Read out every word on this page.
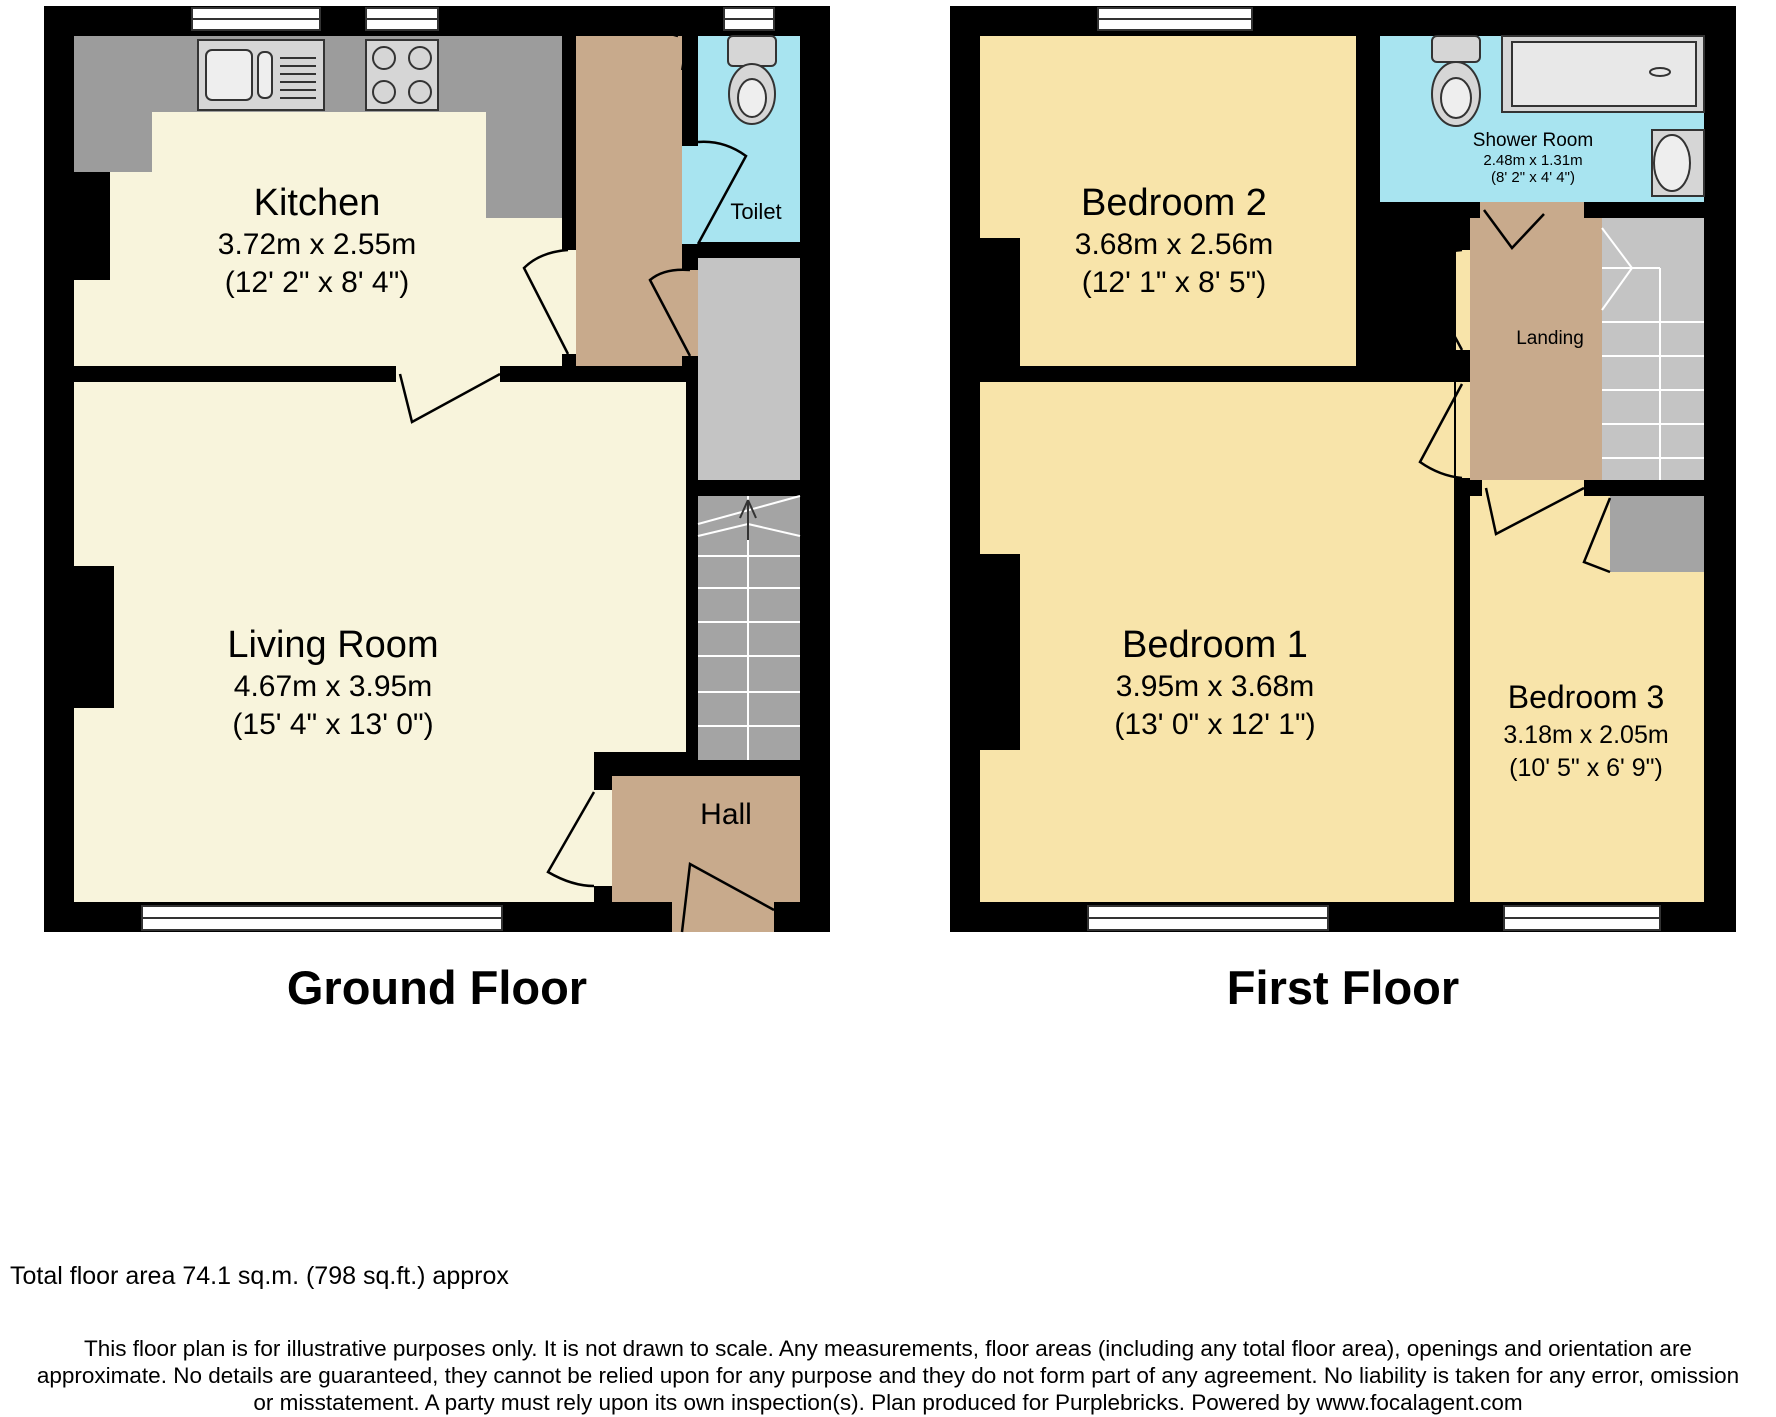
Kitchen
3.72m x 2.55m
(12' 2" x 8' 4")
Toilet
Living Room
4.67m x 3.95m
(15' 4" x 13' 0")
Hall
Ground Floor
Bedroom 2
3.68m x 2.56m
(12' 1" x 8' 5")
Shower Room
2.48m x 1.31m
(8' 2" x 4' 4")
Landing
Bedroom 1
3.95m x 3.68m
(13' 0" x 12' 1")
Bedroom 3
3.18m x 2.05m
(10' 5" x 6' 9")
First Floor
Total floor area 74.1 sq.m. (798 sq.ft.) approx
This floor plan is for illustrative purposes only. It is not drawn to scale. Any measurements, floor areas (including any total floor area), openings and orientation are
approximate. No details are guaranteed, they cannot be relied upon for any purpose and they do not form part of any agreement. No liability is taken for any error, omission
or misstatement. A party must rely upon its own inspection(s). Plan produced for Purplebricks. Powered by www.focalagent.com
